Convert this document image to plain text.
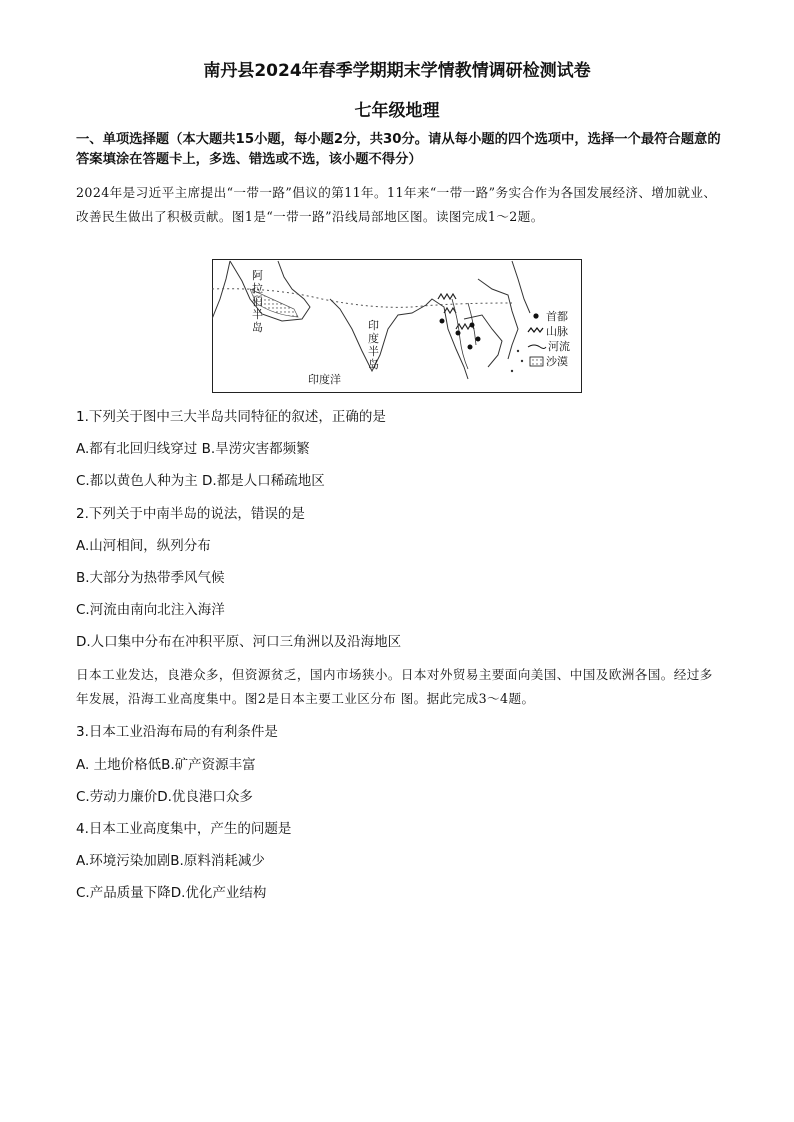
南丹县2024年春季学期期末学情教情调研检测试卷
七年级地理
一、单项选择题（本大题共15小题，每小题2分，共30分。请从每小题的四个选项中，选择一个最符合题意的答案填涂在答题卡上，多选、错选或不选，该小题不得分）
2024年是习近平主席提出“一带一路”倡议的第11年。11年来“一带一路”务实合作为各国发展经济、增加就业、改善民生做出了积极贡献。图1是“一带一路”沿线局部地区图。读图完成1～2题。
阿
拉
伯
半
岛	印
度
半
岛
印度洋
首都
山脉
河流
沙漠
1.下列关于图中三大半岛共同特征的叙述，正确的是
A.都有北回归线穿过 B.旱涝灾害都频繁
C.都以黄色人种为主 D.都是人口稀疏地区
2.下列关于中南半岛的说法，错误的是
A.山河相间，纵列分布
B.大部分为热带季风气候
C.河流由南向北注入海洋
D.人口集中分布在冲积平原、河口三角洲以及沿海地区
日本工业发达，良港众多，但资源贫乏，国内市场狭小。日本对外贸易主要面向美国、中国及欧洲各国。经过多年发展，沿海工业高度集中。图2是日本主要工业区分布 图。据此完成3～4题。
3.日本工业沿海布局的有利条件是
A. 土地价格低B.矿产资源丰富
C.劳动力廉价D.优良港口众多
4.日本工业高度集中，产生的问题是
A.环境污染加剧B.原料消耗减少
C.产品质量下降D.优化产业结构
